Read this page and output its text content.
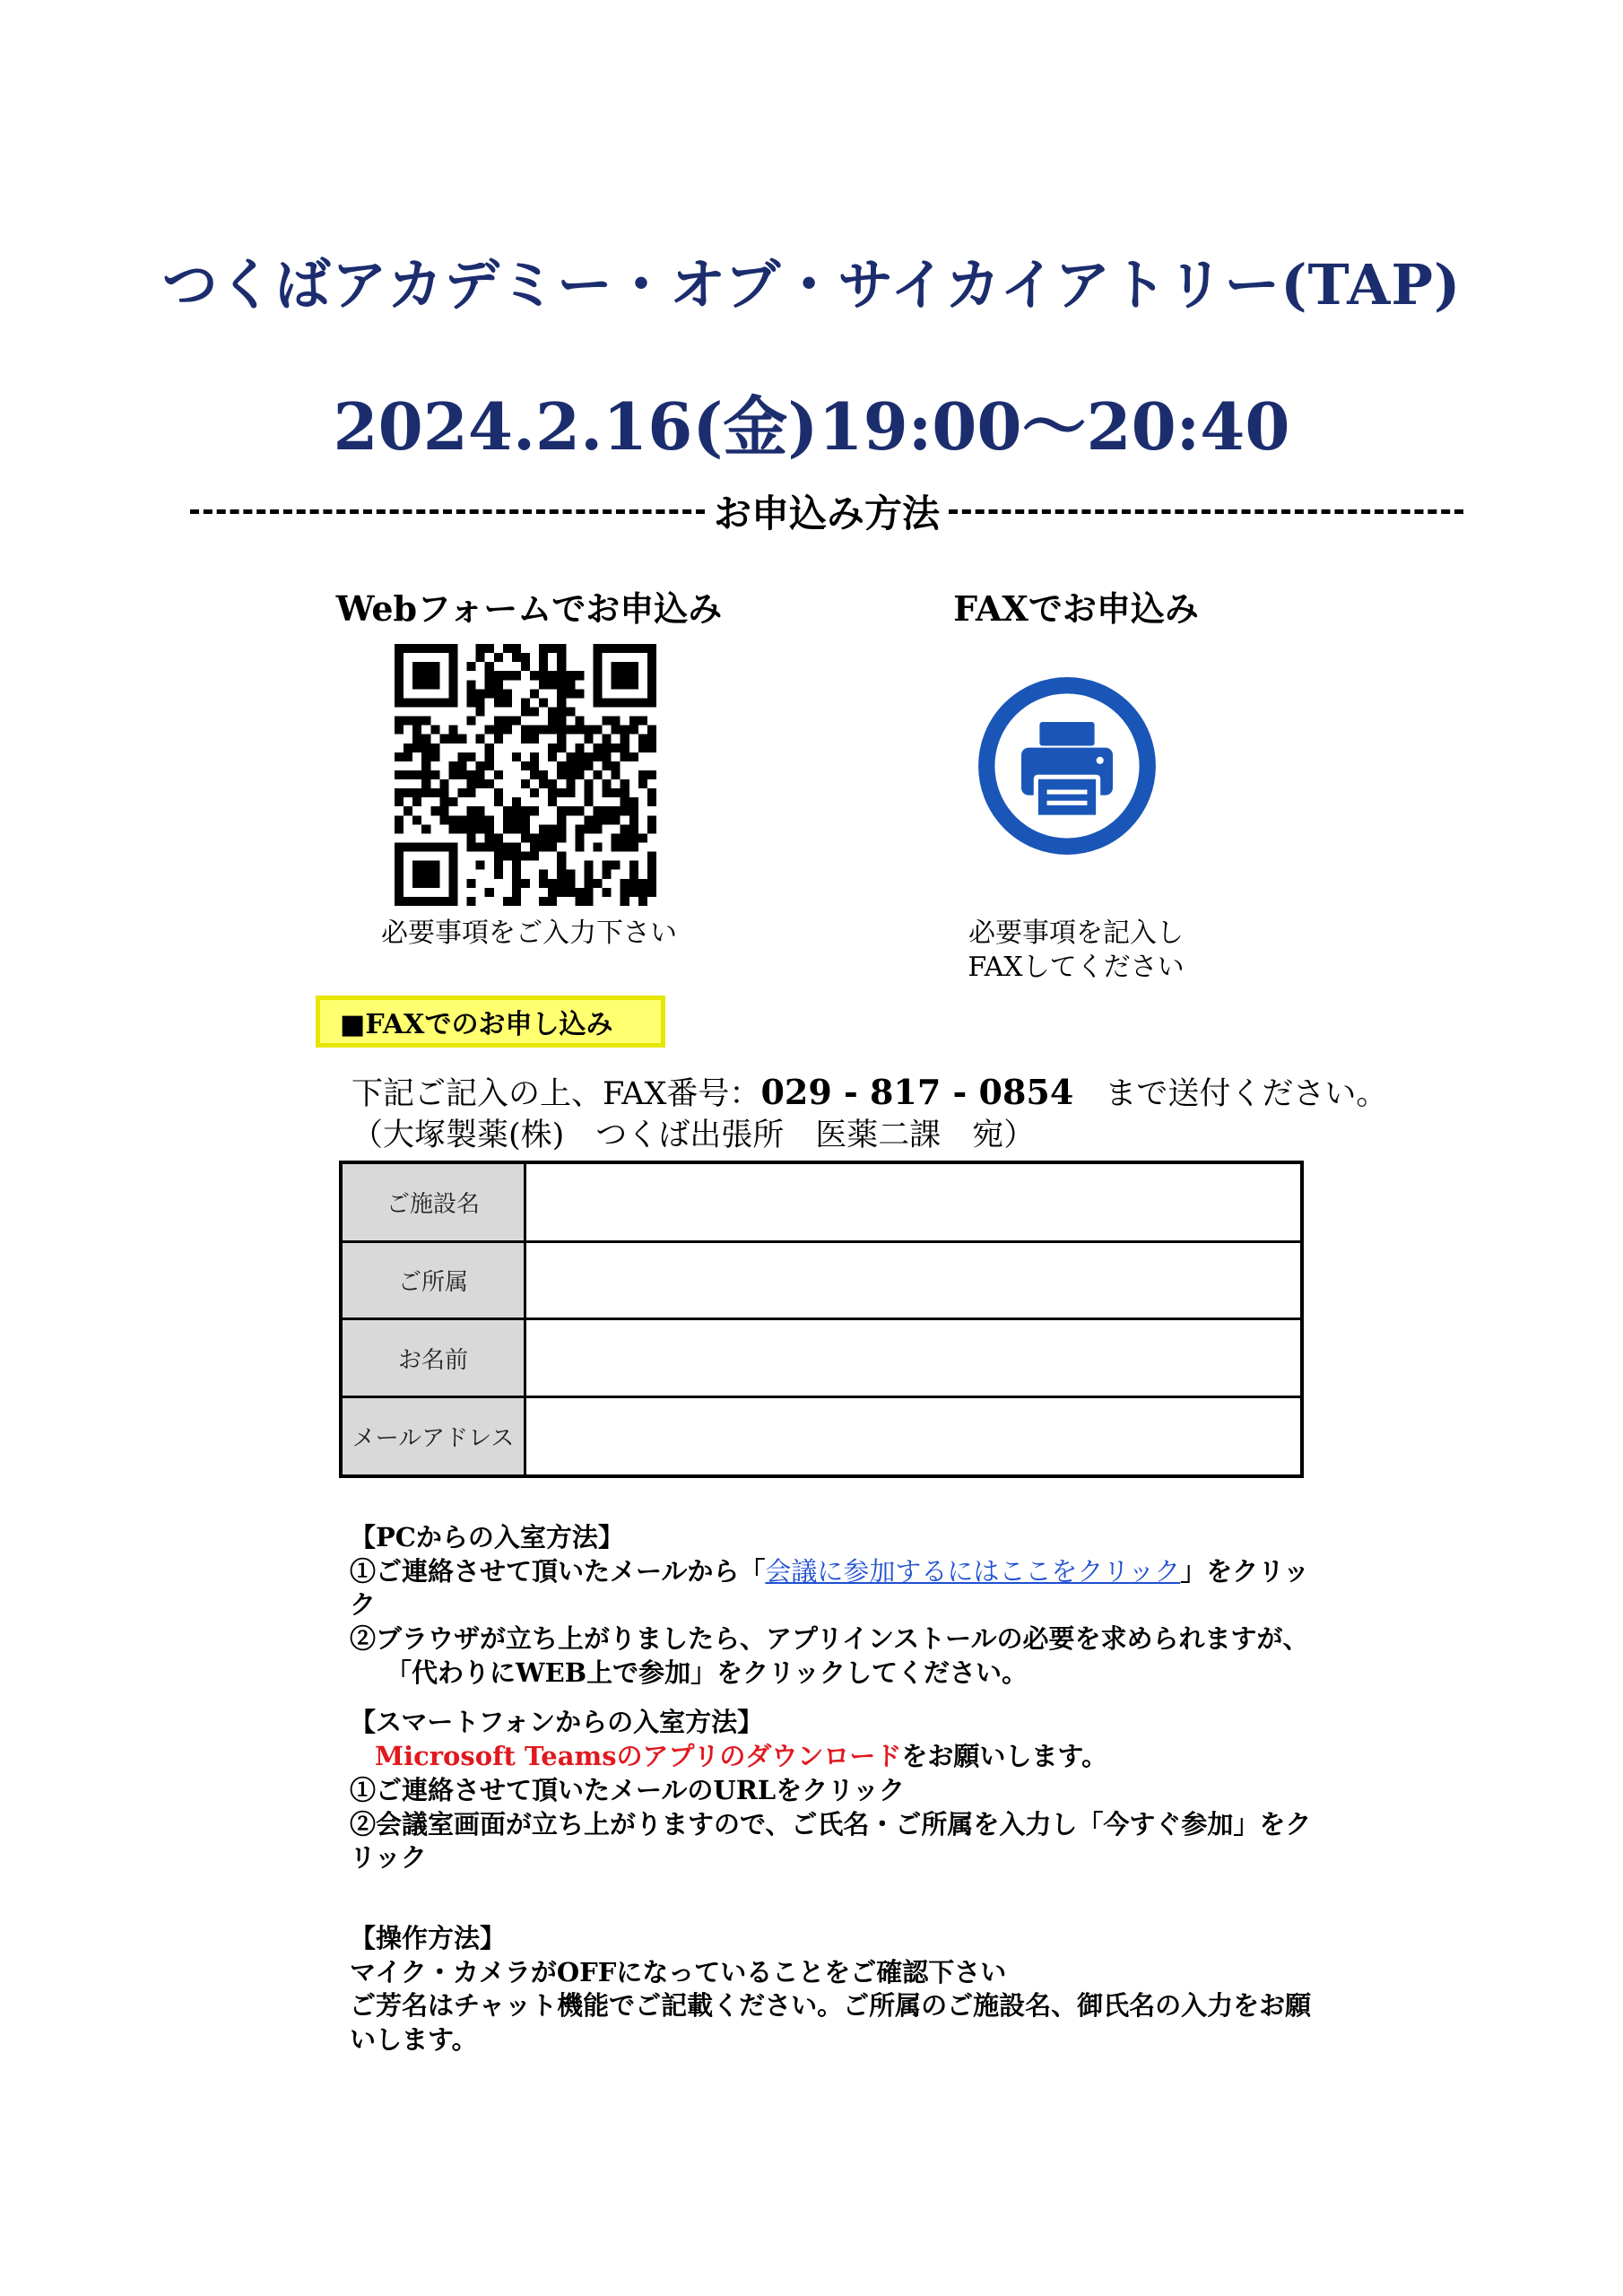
つくばアカデミー・オブ・サイカイアトリー(TAP)
2024.2.16(金)19:00～20:40
お申込み方法
Webフォームでお申込み	FAXでお申込み
必要事項をご入力下さい	必要事項を記入し
FAXしてください
■FAXでのお申し込み
下記ご記入の上、FAX番号：029 - 817 - 0854　 まで送付ください。
（大塚製薬(株)　つくば出張所　医薬二課　宛）
ご施設名	
ご所属	
お名前	
メールアドレス	

【PCからの入室方法】

①ご連絡させて頂いたメールから「会議に参加するにはここをクリック」をクリック

②ブラウザが立ち上がりましたら、アプリインストールの必要を求められますが、

「代わりにWEB上で参加」をクリックしてください。

【スマートフォンからの入室方法】

Microsoft Teamsのアプリのダウンロードをお願いします。

①ご連絡させて頂いたメールのURLをクリック

②会議室画面が立ち上がりますので、ご氏名・ご所属を入力し「今すぐ参加」をクリック

【操作方法】

マイク・カメラがOFFになっていることをご確認下さい

ご芳名はチャット機能でご記載ください。ご所属のご施設名、御氏名の入力をお願いします。
